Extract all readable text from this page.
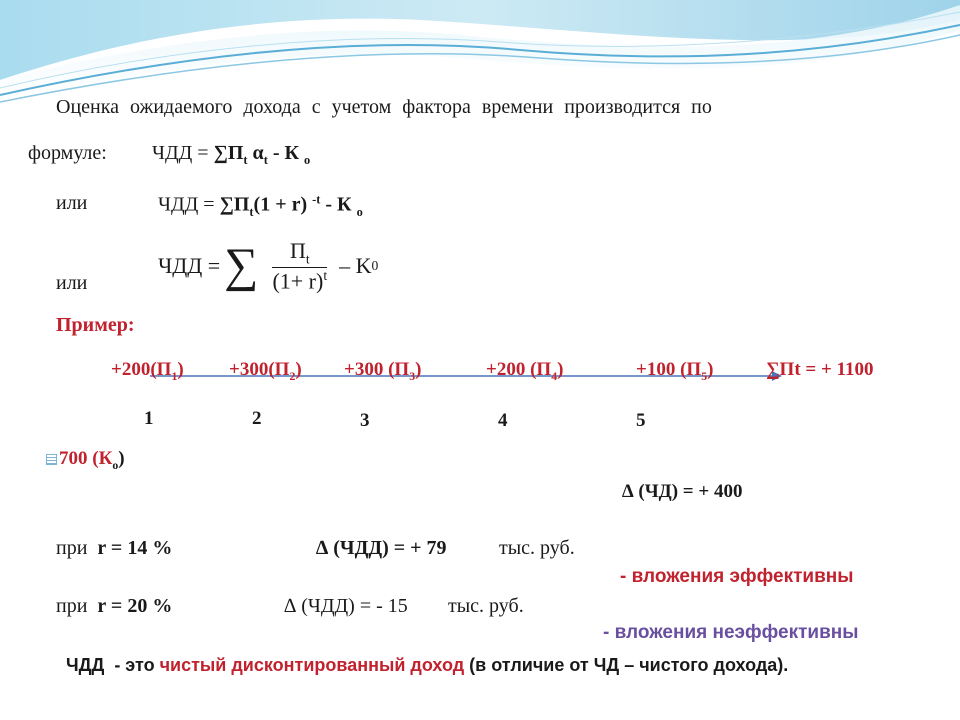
Оценка ожидаемого дохода с учетом фактора времени производится по
формуле: ЧДД = $\sum П_t$ $\alpha_t$ - К $_о$
или	ЧДД = $\sum П_t(1 + r)$ $^{-t}$ - К $_о$
ЧДД = ∑ $\frac{П_t}{(1+ r)^t}$ – K 0
или
Пример:
$+200(П_1) +300(П_2) +300$ $(П_3)$	+200 $(П_4)$	+100 $(П_5)$	∑Пt = + 1100
1	2	3	4	5
700 $(К_о)$
∆ (ЧД) = + 400
при r = 14 %	∆ (ЧДД) = + 79	тыс. руб.
- вложения эффективны
при r = 20 %	∆ (ЧДД) = - 15 тыс. руб.
- вложения неэффективны
ЧДД - это чистый дисконтированный доход (в отличие от ЧД – чистого дохода).
